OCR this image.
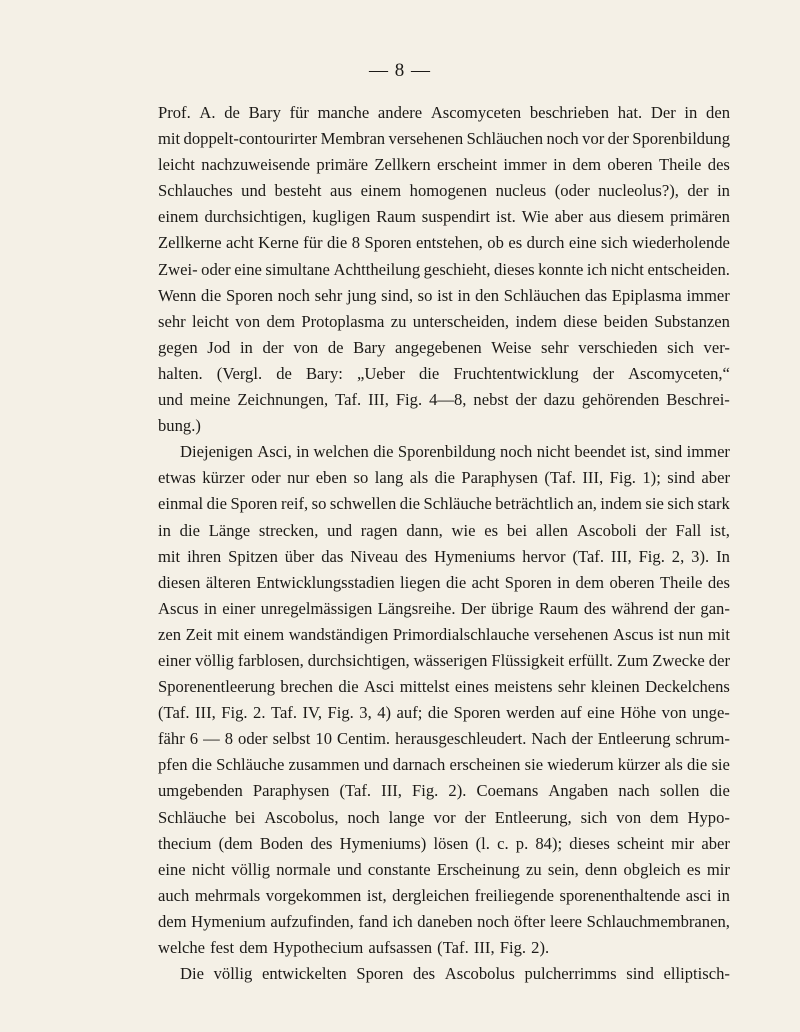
— 8 —
Prof. A. de Bary für manche andere Ascomyceten beschrieben hat. Der in den
mit doppelt-contourirter Membran versehenen Schläuchen noch vor der Sporenbildung
leicht nachzuweisende primäre Zellkern erscheint immer in dem oberen Theile des
Schlauches und besteht aus einem homogenen nucleus (oder nucleolus?), der in
einem durchsichtigen, kugligen Raum suspendirt ist. Wie aber aus diesem primären
Zellkerne acht Kerne für die 8 Sporen entstehen, ob es durch eine sich wiederholende
Zwei- oder eine simultane Achttheilung geschieht, dieses konnte ich nicht entscheiden.
Wenn die Sporen noch sehr jung sind, so ist in den Schläuchen das Epiplasma immer
sehr leicht von dem Protoplasma zu unterscheiden, indem diese beiden Substanzen
gegen Jod in der von de Bary angegebenen Weise sehr verschieden sich ver-
halten. (Vergl. de Bary: „Ueber die Fruchtentwicklung der Ascomyceten,“
und meine Zeichnungen, Taf. III, Fig. 4—8, nebst der dazu gehörenden Beschrei-
bung.)
Diejenigen Asci, in welchen die Sporenbildung noch nicht beendet ist, sind immer
etwas kürzer oder nur eben so lang als die Paraphysen (Taf. III, Fig. 1); sind aber
einmal die Sporen reif, so schwellen die Schläuche beträchtlich an, indem sie sich stark
in die Länge strecken, und ragen dann, wie es bei allen Ascoboli der Fall ist,
mit ihren Spitzen über das Niveau des Hymeniums hervor (Taf. III, Fig. 2, 3). In
diesen älteren Entwicklungsstadien liegen die acht Sporen in dem oberen Theile des
Ascus in einer unregelmässigen Längsreihe. Der übrige Raum des während der gan-
zen Zeit mit einem wandständigen Primordialschlauche versehenen Ascus ist nun mit
einer völlig farblosen, durchsichtigen, wässerigen Flüssigkeit erfüllt. Zum Zwecke der
Sporenentleerung brechen die Asci mittelst eines meistens sehr kleinen Deckelchens
(Taf. III, Fig. 2. Taf. IV, Fig. 3, 4) auf; die Sporen werden auf eine Höhe von unge-
fähr 6 — 8 oder selbst 10 Centim. herausgeschleudert. Nach der Entleerung schrum-
pfen die Schläuche zusammen und darnach erscheinen sie wiederum kürzer als die sie
umgebenden Paraphysen (Taf. III, Fig. 2). Coemans Angaben nach sollen die
Schläuche bei Ascobolus, noch lange vor der Entleerung, sich von dem Hypo-
thecium (dem Boden des Hymeniums) lösen (l. c. p. 84); dieses scheint mir aber
eine nicht völlig normale und constante Erscheinung zu sein, denn obgleich es mir
auch mehrmals vorgekommen ist, dergleichen freiliegende sporenenthaltende asci in
dem Hymenium aufzufinden, fand ich daneben noch öfter leere Schlauchmembranen,
welche fest dem Hypothecium aufsassen (Taf. III, Fig. 2).
Die völlig entwickelten Sporen des Ascobolus pulcherrimms sind elliptisch-
